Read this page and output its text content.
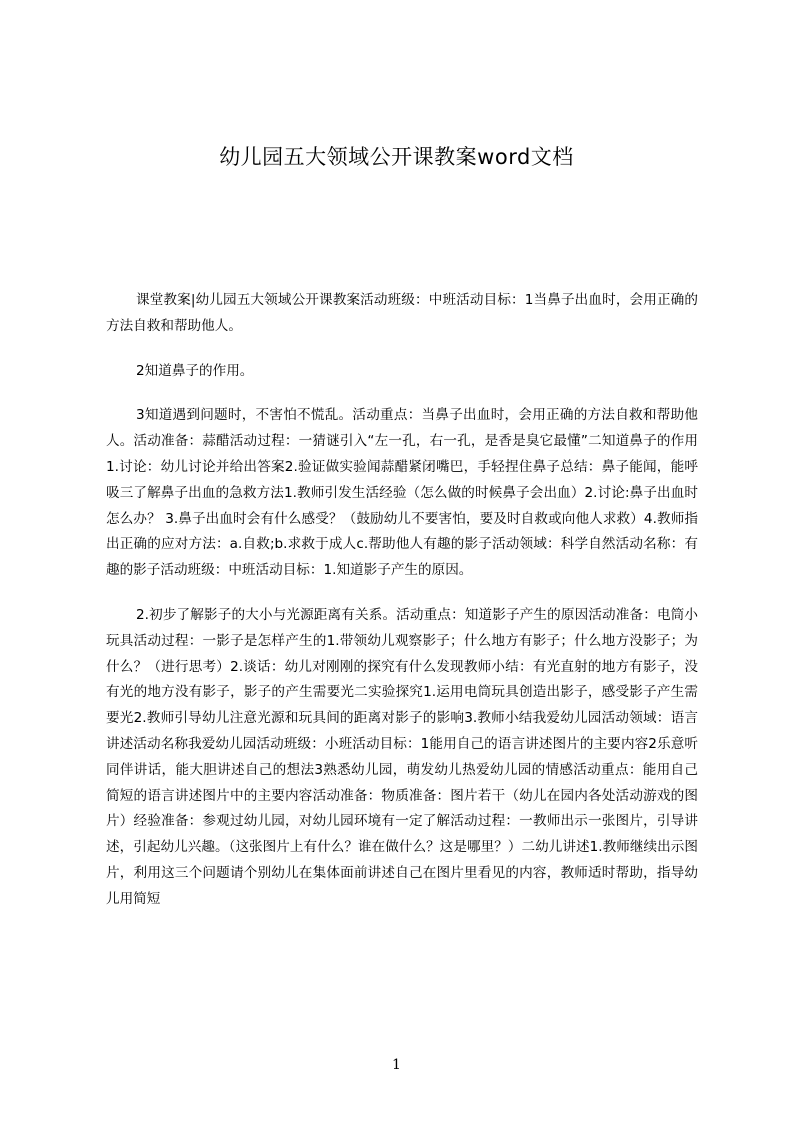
幼儿园五大领域公开课教案word文档

课堂教案|幼儿园五大领域公开课教案活动班级：中班活动目标：1当鼻子出血时，会用正确的方法自救和帮助他人。

2知道鼻子的作用。

3知道遇到问题时，不害怕不慌乱。活动重点：当鼻子出血时，会用正确的方法自救和帮助他人。活动准备：蒜醋活动过程：一猜谜引入“左一孔，右一孔，是香是臭它最懂”二知道鼻子的作用1.讨论：幼儿讨论并给出答案2.验证做实验闻蒜醋紧闭嘴巴，手轻捏住鼻子总结：鼻子能闻，能呼吸三了解鼻子出血的急救方法1.教师引发生活经验（怎么做的时候鼻子会出血）2.讨论:鼻子出血时怎么办？ 3.鼻子出血时会有什么感受？（鼓励幼儿不要害怕，要及时自救或向他人求救）4.教师指出正确的应对方法：a.自救;b.求救于成人c.帮助他人有趣的影子活动领域：科学自然活动名称：有趣的影子活动班级：中班活动目标：1.知道影子产生的原因。

2.初步了解影子的大小与光源距离有关系。活动重点：知道影子产生的原因活动准备：电筒小玩具活动过程：一影子是怎样产生的1.带领幼儿观察影子；什么地方有影子；什么地方没影子；为什么？（进行思考）2.谈话：幼儿对刚刚的探究有什么发现教师小结：有光直射的地方有影子，没有光的地方没有影子，影子的产生需要光二实验探究1.运用电筒玩具创造出影子，感受影子产生需要光2.教师引导幼儿注意光源和玩具间的距离对影子的影响3.教师小结我爱幼儿园活动领域：语言讲述活动名称我爱幼儿园活动班级：小班活动目标：1能用自己的语言讲述图片的主要内容2乐意听同伴讲话，能大胆讲述自己的想法3熟悉幼儿园，萌发幼儿热爱幼儿园的情感活动重点：能用自己简短的语言讲述图片中的主要内容活动准备：物质准备：图片若干（幼儿在园内各处活动游戏的图片）经验准备：参观过幼儿园，对幼儿园环境有一定了解活动过程：一教师出示一张图片，引导讲述，引起幼儿兴趣。（这张图片上有什么？谁在做什么？这是哪里？）二幼儿讲述1.教师继续出示图片，利用这三个问题请个别幼儿在集体面前讲述自己在图片里看见的内容，教师适时帮助，指导幼儿用简短

1
